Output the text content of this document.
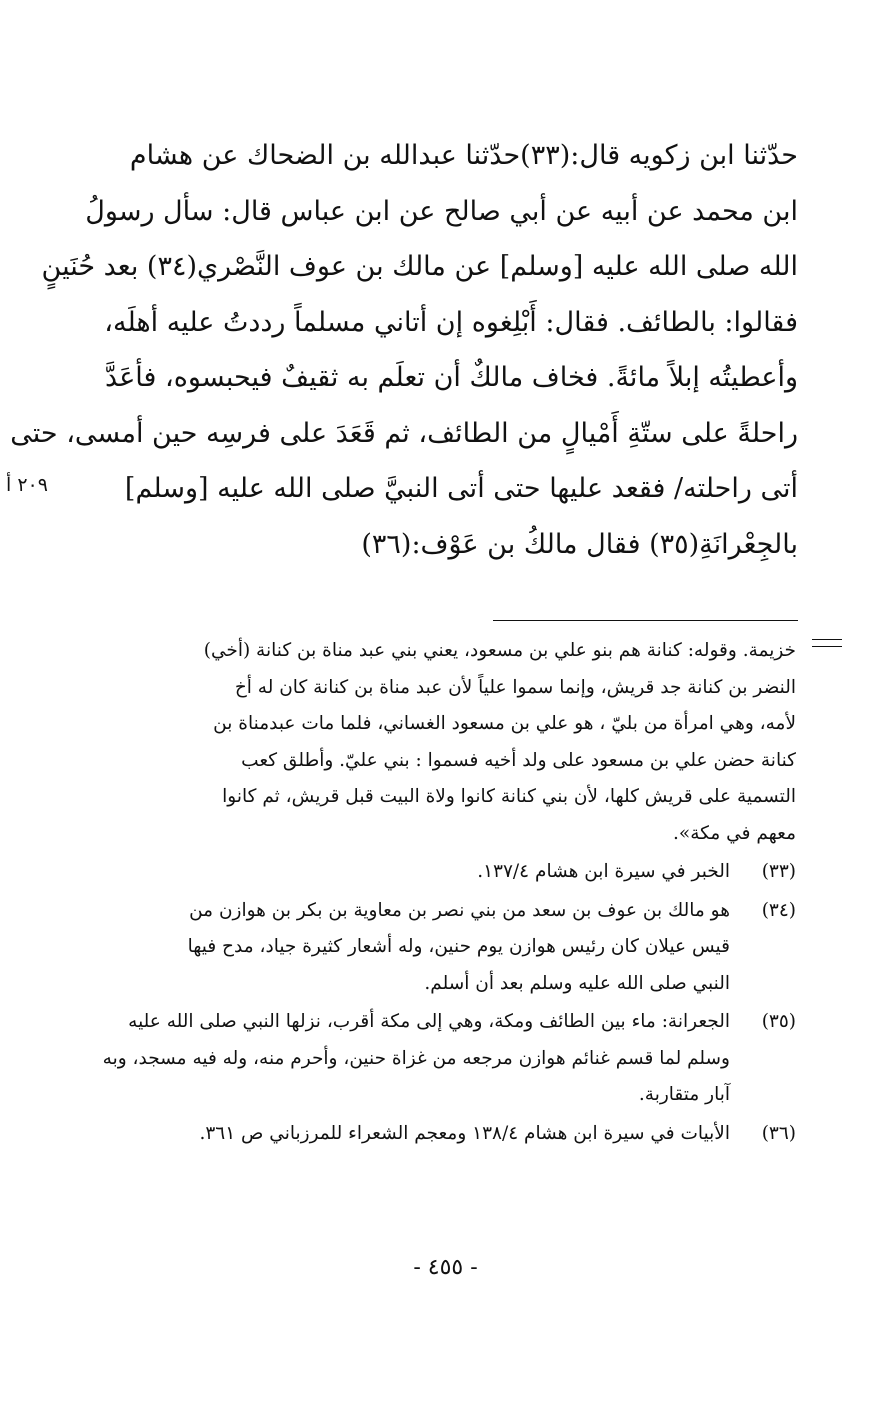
حدّثنا ابن زكويه قال:(٣٣)حدّثنا عبدالله بن الضحاك عن هشام
ابن محمد عن أبيه عن أبي صالح عن ابن عباس قال: سأل رسولُ
الله صلى الله عليه [وسلم] عن مالك بن عوف النَّصْري(٣٤) بعد حُنَينٍ
فقالوا: بالطائف. فقال: أَبْلِغوه إن أتاني مسلماً رددتُ عليه أهلَه،
وأعطيتُه إبلاً مائةً. فخاف مالكٌ أن تعلَم به ثقيفٌ فيحبسوه، فأعَدَّ
راحلةً على ستّةِ أَمْيالٍ من الطائف، ثم قَعَدَ على فرسِه حين أمسى، حتى
أتى راحلته/ فقعد عليها حتى أتى النبيَّ صلى الله عليه [وسلم]
بالجِعْرانَةِ(٣٥) فقال مالكُ بن عَوْف:(٣٦)
٢٠٩ أ
خزيمة. وقوله: كنانة هم بنو علي بن مسعود، يعني بني عبد مناة بن كنانة (أخي)
النضر بن كنانة جد قريش، وإنما سموا علياً لأن عبد مناة بن كنانة كان له أخ
لأمه، وهي امرأة من بليّ ، هو علي بن مسعود الغساني، فلما مات عبدمناة بن
كنانة حضن علي بن مسعود على ولد أخيه فسموا : بني عليّ. وأطلق كعب
التسمية على قريش كلها، لأن بني كنانة كانوا ولاة البيت قبل قريش، ثم كانوا
معهم في مكة».
(٣٣)
الخبر في سيرة ابن هشام ١٣٧/٤.
(٣٤)
هو مالك بن عوف بن سعد من بني نصر بن معاوية بن بكر بن هوازن من
قيس عيلان كان رئيس هوازن يوم حنين، وله أشعار كثيرة جياد، مدح فيها
النبي صلى الله عليه وسلم بعد أن أسلم.
(٣٥)
الجعرانة: ماء بين الطائف ومكة، وهي إلى مكة أقرب، نزلها النبي صلى الله عليه
وسلم لما قسم غنائم هوازن مرجعه من غزاة حنين، وأحرم منه، وله فيه مسجد، وبه
آبار متقاربة.
(٣٦)
الأبيات في سيرة ابن هشام ١٣٨/٤ ومعجم الشعراء للمرزباني ص ٣٦١.
- ٤٥٥ -
